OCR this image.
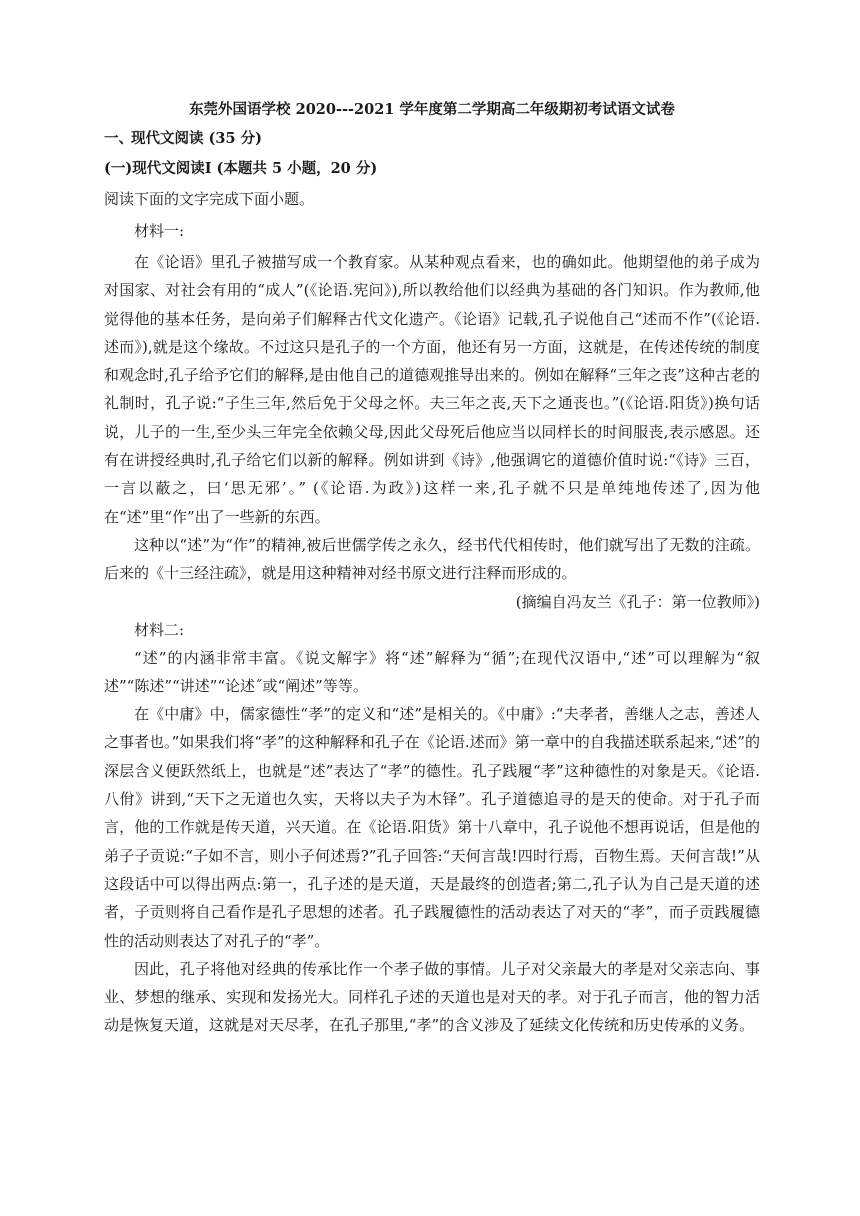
东莞外国语学校 2020---2021 学年度第二学期高二年级期初考试语文试卷
一、现代文阅读 (35 分)
(一)现代文阅读Ⅰ (本题共 5 小题，20 分)
阅读下面的文字完成下面小题。
材料一:

在《论语》里孔子被描写成一个教育家。从某种观点看来，也的确如此。他期望他的弟子成为对国家、对社会有用的“成人”(《论语.宪问》),所以教给他们以经典为基础的各门知识。作为教师,他觉得他的基本任务，是向弟子们解释古代文化遗产。《论语》记载,孔子说他自己“述而不作”(《论语.述而》),就是这个缘故。不过这只是孔子的一个方面，他还有另一方面，这就是，在传述传统的制度和观念时,孔子给予它们的解释,是由他自己的道德观推导出来的。例如在解释“三年之丧”这种古老的礼制时，孔子说:“子生三年,然后免于父母之怀。夫三年之丧,天下之通丧也。”(《论语.阳货》)换句话说，儿子的一生,至少头三年完全依赖父母,因此父母死后他应当以同样长的时间服丧,表示感恩。还有在讲授经典时,孔子给它们以新的解释。例如讲到《诗》,他强调它的道德价值时说:“《诗》三百，一言以蔽之，曰‘思无邪’。” (《论语.为政》)这样一来,孔子就不只是单纯地传述了,因为他在“述”里“作”出了一些新的东西。

这种以“述”为“作”的精神,被后世儒学传之永久，经书代代相传时，他们就写出了无数的注疏。后来的《十三经注疏》，就是用这种精神对经书原文进行注释而形成的。

(摘编自冯友兰《孔子：第一位教师》)
材料二:

“述”的内涵非常丰富。《说文解字》将“述”解释为“循”;在现代汉语中,“述”可以理解为“叙述”“陈述”“讲述”“论述˝或“阐述”等等。

在《中庸》中，儒家德性“孝”的定义和“述”是相关的。《中庸》:“夫孝者，善继人之志，善述人之事者也。”如果我们将“孝”的这种解释和孔子在《论语.述而》第一章中的自我描述联系起来,“述”的深层含义便跃然纸上，也就是“述”表达了“孝”的德性。孔子践履“孝”这种德性的对象是天。《论语.八佾》讲到,“天下之无道也久实，天将以夫子为木铎”。孔子道德追寻的是天的使命。对于孔子而言，他的工作就是传天道，兴天道。在《论语.阳货》第十八章中，孔子说他不想再说话，但是他的弟子子贡说:“子如不言，则小子何述焉?”孔子回答:“天何言哉!四时行焉，百物生焉。天何言哉!”从这段话中可以得出两点:第一，孔子述的是天道，天是最终的创造者;第二,孔子认为自己是天道的述者，子贡则将自己看作是孔子思想的述者。孔子践履德性的活动表达了对天的“孝”，而子贡践履德性的活动则表达了对孔子的“孝”。

因此，孔子将他对经典的传承比作一个孝子做的事情。儿子对父亲最大的孝是对父亲志向、事业、梦想的继承、实现和发扬光大。同样孔子述的天道也是对天的孝。对于孔子而言，他的智力活动是恢复天道，这就是对天尽孝，在孔子那里,“孝”的含义涉及了延续文化传统和历史传承的义务。
